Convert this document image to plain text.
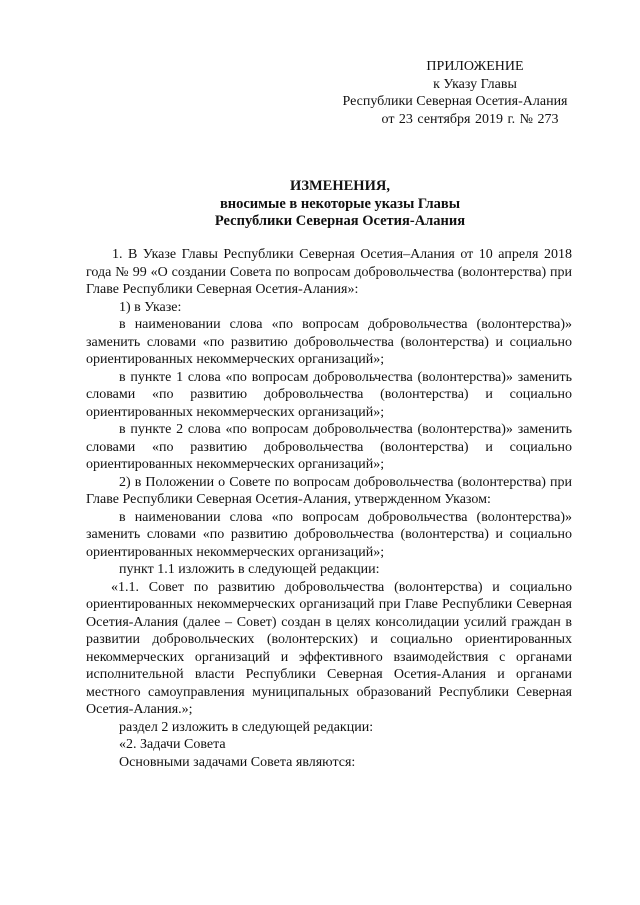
ПРИЛОЖЕНИЕ
к Указу Главы
Республики Северная Осетия-Алания
от 23 сентября 2019 г. № 273
ИЗМЕНЕНИЯ,
вносимые в некоторые указы Главы
Республики Северная Осетия-Алания

1. В Указе Главы Республики Северная Осетия–Алания от 10 апреля 2018 года № 99 «О создании Совета по вопросам добровольчества (волонтерства) при Главе Республики Северная Осетия-Алания»:

1) в Указе:

в наименовании слова «по вопросам добровольчества (волонтерства)» заменить словами «по развитию добровольчества (волонтерства) и социально ориентированных некоммерческих организаций»;

в пункте 1 слова «по вопросам добровольчества (волонтерства)» заменить словами «по развитию добровольчества (волонтерства) и социально ориентированных некоммерческих организаций»;

в пункте 2 слова «по вопросам добровольчества (волонтерства)» заменить словами «по развитию добровольчества (волонтерства) и социально ориентированных некоммерческих организаций»;

2) в Положении о Совете по вопросам добровольчества (волонтерства) при Главе Республики Северная Осетия-Алания, утвержденном Указом:

в наименовании слова «по вопросам добровольчества (волонтерства)» заменить словами «по развитию добровольчества (волонтерства) и социально ориентированных некоммерческих организаций»;

пункт 1.1 изложить в следующей редакции:

«1.1. Совет по развитию добровольчества (волонтерства) и социально ориентированных некоммерческих организаций при Главе Республики Северная Осетия-Алания (далее – Совет) создан в целях консолидации усилий граждан в развитии добровольческих (волонтерских) и социально ориентированных некоммерческих организаций и эффективного взаимодействия с органами исполнительной власти Республики Северная Осетия-Алания и органами местного самоуправления муниципальных образований Республики Северная Осетия-Алания.»;

раздел 2 изложить в следующей редакции:

«2. Задачи Совета

Основными задачами Совета являются:
